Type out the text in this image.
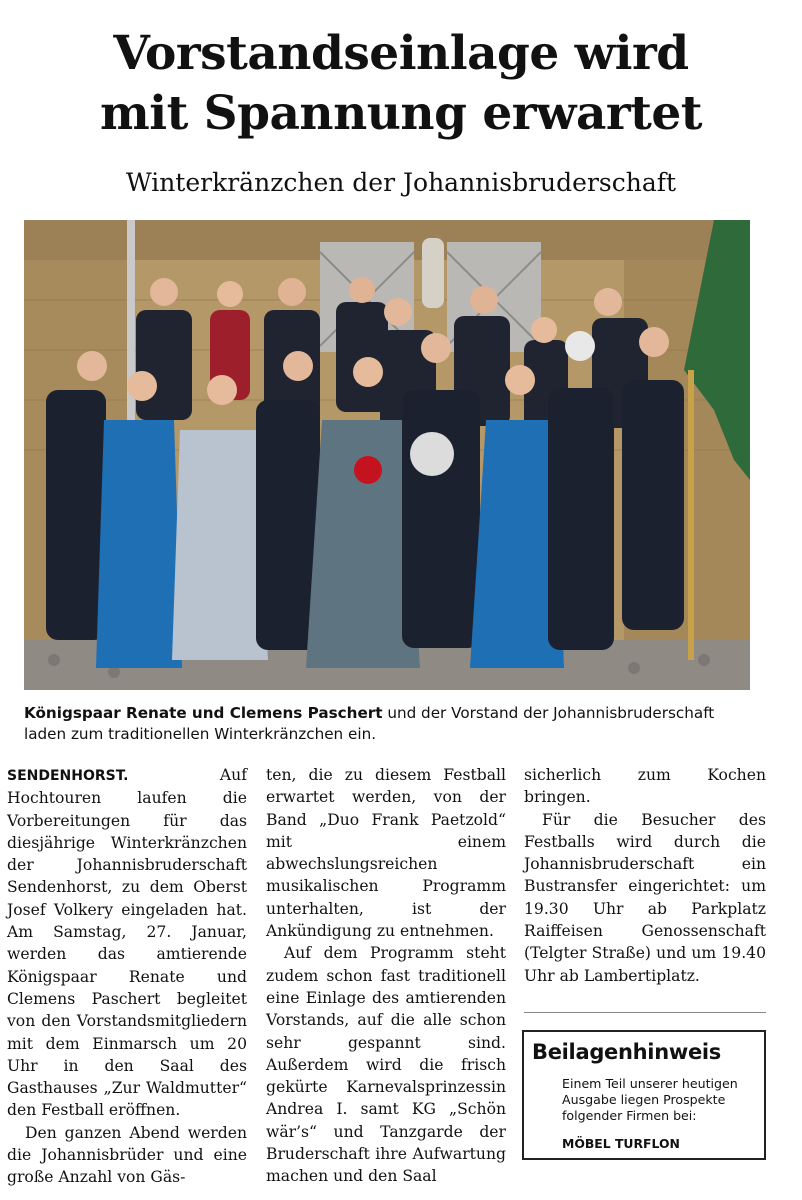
Vorstandseinlage wird
mit Spannung erwartet
Winterkränzchen der Johannisbruderschaft
Königspaar Renate und Clemens Paschert und der Vorstand der Johannisbruderschaft laden zum traditionellen Winterkränzchen ein.

SENDENHORST. Auf Hochtouren laufen die Vorbereitungen für das diesjährige Winterkränzchen der Johannisbruderschaft Sendenhorst, zu dem Oberst Josef Volkery eingeladen hat. Am Samstag, 27. Januar, werden das amtierende Königspaar Renate und Clemens Paschert begleitet von den Vorstandsmitgliedern mit dem Einmarsch um 20 Uhr in den Saal des Gasthauses „Zur Waldmutter“ den Festball eröffnen.

Den ganzen Abend werden die Johannisbrüder und eine große Anzahl von Gäs-

ten, die zu diesem Festball erwartet werden, von der Band „Duo Frank Paetzold“ mit einem abwechslungsreichen musikalischen Programm unterhalten, ist der Ankündigung zu entnehmen.

Auf dem Programm steht zudem schon fast traditionell eine Einlage des amtierenden Vorstands, auf die alle schon sehr gespannt sind. Außerdem wird die frisch gekürte Karnevalsprinzessin Andrea I. samt KG „Schön wär’s“ und Tanzgarde der Bruderschaft ihre Aufwartung machen und den Saal

sicherlich zum Kochen bringen.

Für die Besucher des Festballs wird durch die Johannisbruderschaft ein Bustransfer eingerichtet: um 19.30 Uhr ab Parkplatz Raiffeisen Genossenschaft (Telgter Straße) und um 19.40 Uhr ab Lambertiplatz.

Beilagenhinweis
Einem Teil unserer heutigen Ausgabe liegen Prospekte folgender Firmen bei:
MÖBEL TURFLON
